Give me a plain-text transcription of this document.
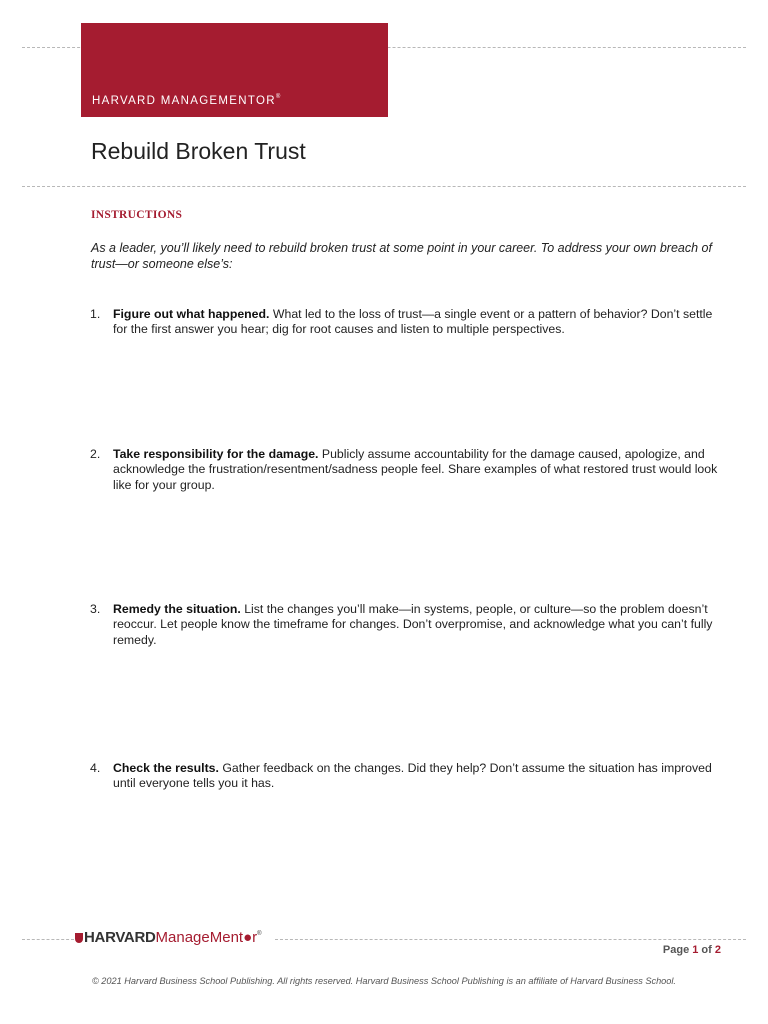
HARVARD MANAGEMENTOR®
Rebuild Broken Trust
INSTRUCTIONS
As a leader, you’ll likely need to rebuild broken trust at some point in your career. To address your own breach of trust—or someone else’s:
1.	Figure out what happened. What led to the loss of trust—a single event or a pattern of behavior? Don’t settle for the first answer you hear; dig for root causes and listen to multiple perspectives.
2.	Take responsibility for the damage. Publicly assume accountability for the damage caused, apologize, and acknowledge the frustration/resentment/sadness people feel. Share examples of what restored trust would look like for your group.
3.	Remedy the situation. List the changes you’ll make—in systems, people, or culture—so the problem doesn’t reoccur. Let people know the timeframe for changes. Don’t overpromise, and acknowledge what you can’t fully remedy.
4.	Check the results. Gather feedback on the changes. Did they help? Don’t assume the situation has improved until everyone tells you it has.
HARVARDManageMent●r®
Page 1 of 2
© 2021 Harvard Business School Publishing. All rights reserved. Harvard Business School Publishing is an affiliate of Harvard Business School.
